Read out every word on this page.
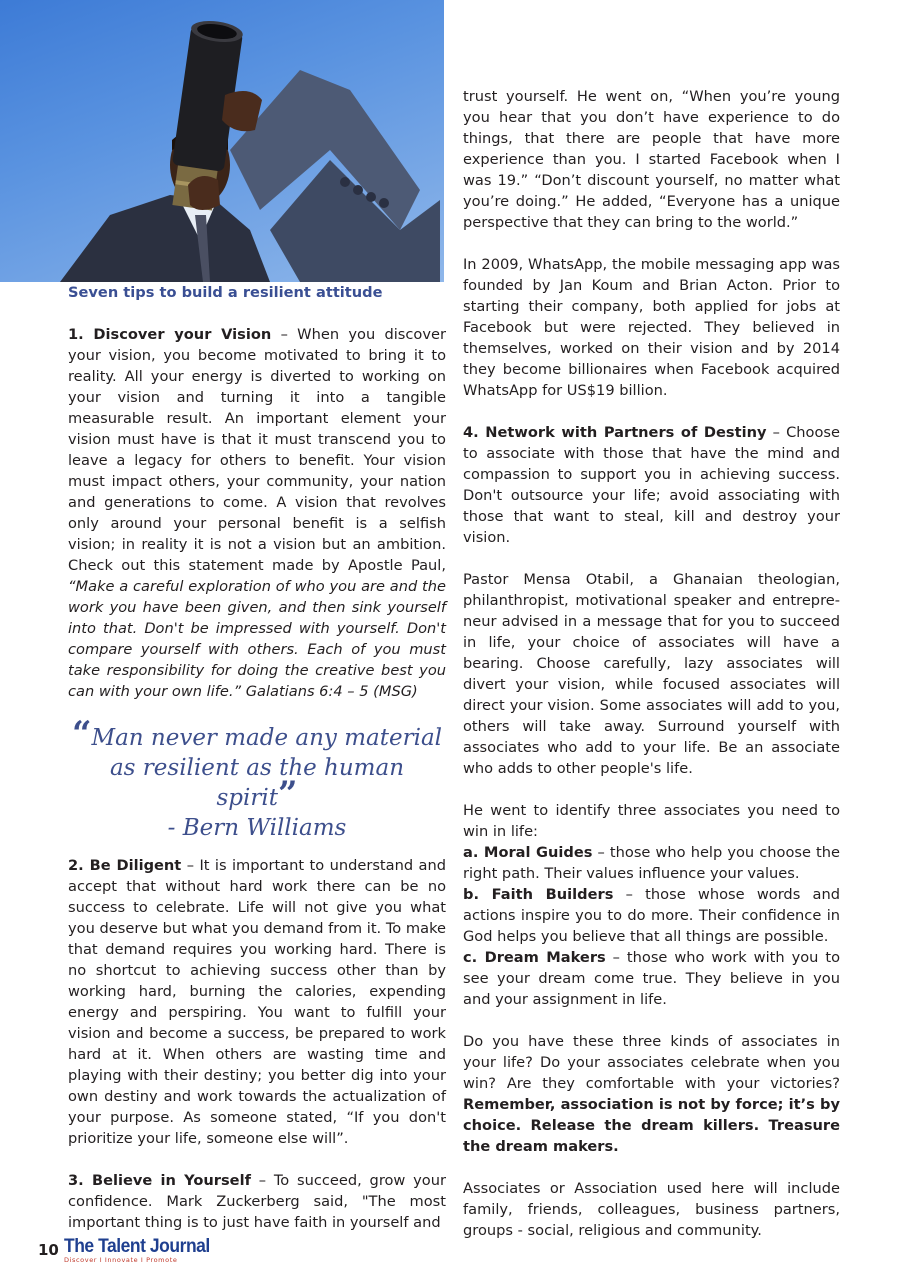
Seven tips to build a resilient attitude

1. Discover your Vision – When you discover your vision, you become motivated to bring it to reality. All your energy is diverted to working on your vision and turning it into a tangible measurable result. An important element your vision must have is that it must transcend you to leave a legacy for others to benefit. Your vision must impact others, your community, your nation and generations to come. A vision that revolves only around your personal benefit is a selfish vision; in reality it is not a vision but an ambition. Check out this statement made by Apostle Paul, “Make a careful exploration of who you are and the work you have been given, and then sink yourself into that. Don't be impressed with yourself. Don't compare yourself with others. Each of you must take responsibility for doing the creative best you can with your own life.” Galatians 6:4 – 5 (MSG)

“Man never made any material as resilient as the human spirit”
- Bern Williams

2. Be Diligent – It is important to understand and accept that without hard work there can be no success to celebrate. Life will not give you what you deserve but what you demand from it. To make that demand requires you working hard. There is no shortcut to achieving success other than by working hard, burning the calories, expending energy and perspiring. You want to fulfill your vision and become a success, be prepared to work hard at it. When others are wasting time and playing with their destiny; you better dig into your own destiny and work towards the actualization of your purpose. As someone stated, “If you don't prioritize your life, someone else will”.

3. Believe in Yourself – To succeed, grow your confidence. Mark Zuckerberg said, "The most important thing is to just have faith in yourself and

trust yourself. He went on, “When you’re young you hear that you don’t have experience to do things, that there are people that have more experience than you. I started Facebook when I was 19.” “Don’t discount yourself, no matter what you’re doing.” He added, “Everyone has a unique perspective that they can bring to the world.”

In 2009, WhatsApp, the mobile messaging app was founded by Jan Koum and Brian Acton. Prior to starting their company, both applied for jobs at Facebook but were rejected. They believed in themselves, worked on their vision and by 2014 they become billionaires when Facebook acquired WhatsApp for US$19 billion.

4. Network with Partners of Destiny – Choose to associate with those that have the mind and compassion to support you in achieving success. Don't outsource your life; avoid associating with those that want to steal, kill and destroy your vision.

Pastor Mensa Otabil, a Ghanaian theologian, philanthropist, motivational speaker and entrepre-neur advised in a message that for you to succeed in life, your choice of associates will have a bearing. Choose carefully, lazy associates will divert your vision, while focused associates will direct your vision. Some associates will add to you, others will take away. Surround yourself with associates who add to your life. Be an associate who adds to other people's life.

He went to identify three associates you need to win in life:

a. Moral Guides – those who help you choose the right path. Their values influence your values.

b. Faith Builders – those whose words and actions inspire you to do more. Their confidence in God helps you believe that all things are possible.

c. Dream Makers – those who work with you to see your dream come true. They believe in you and your assignment in life.

Do you have these three kinds of associates in your life? Do your associates celebrate when you win? Are they comfortable with your victories? Remember, association is not by force; it’s by choice. Release the dream killers. Treasure the dream makers.

Associates or Association used here will include family, friends, colleagues, business partners, groups - social, religious and community.

10 The Talent Journal
Discover I Innovate I Promote
